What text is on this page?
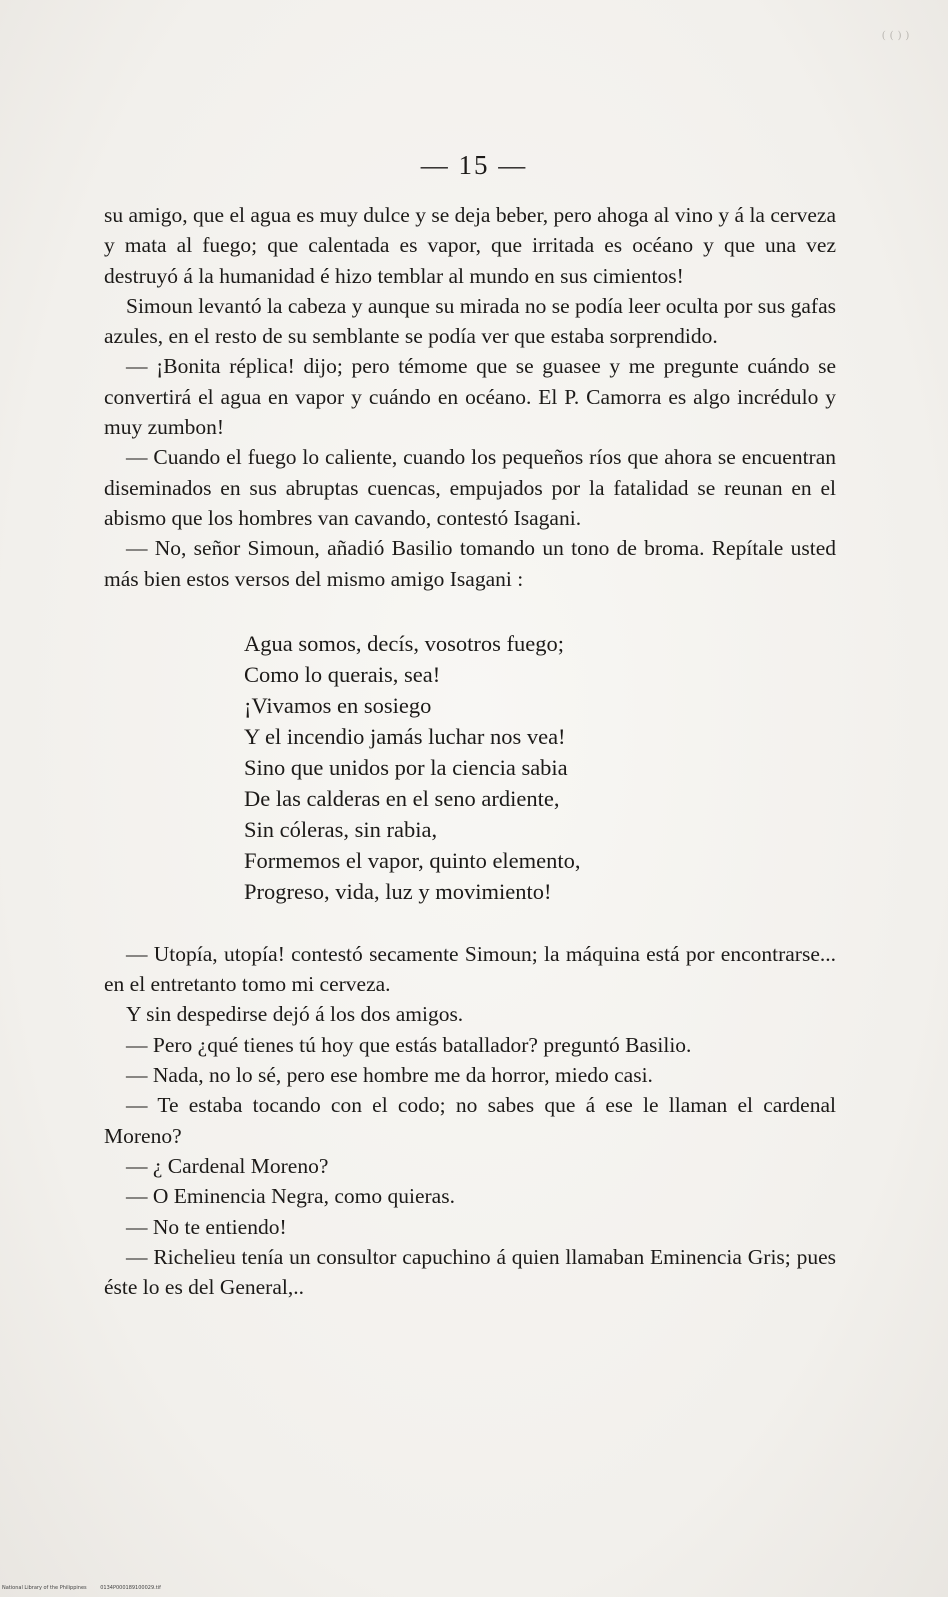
( ( ) )
— 15 —

su amigo, que el agua es muy dulce y se deja beber, pero ahoga al vino y á la cerveza y mata al fuego; que calentada es vapor, que irritada es océano y que una vez destruyó á la humanidad é hizo temblar al mundo en sus cimientos!

Simoun levantó la cabeza y aunque su mirada no se podía leer oculta por sus gafas azules, en el resto de su semblante se podía ver que estaba sorprendido.

— ¡Bonita réplica! dijo; pero témome que se guasee y me pregunte cuándo se convertirá el agua en vapor y cuándo en océano. El P. Camorra es algo incrédulo y muy zumbon!

— Cuando el fuego lo caliente, cuando los pequeños ríos que ahora se encuentran diseminados en sus abruptas cuencas, empujados por la fatalidad se reunan en el abismo que los hombres van cavando, contestó Isagani.

— No, señor Simoun, añadió Basilio tomando un tono de broma. Repítale usted más bien estos versos del mismo amigo Isagani :

Agua somos, decís, vosotros fuego;
Como lo querais, sea!
¡Vivamos en sosiego
Y el incendio jamás luchar nos vea!
Sino que unidos por la ciencia sabia
De las calderas en el seno ardiente,
Sin cóleras, sin rabia,
Formemos el vapor, quinto elemento,
Progreso, vida, luz y movimiento!

— Utopía, utopía! contestó secamente Simoun; la máquina está por encontrarse... en el entretanto tomo mi cerveza.

Y sin despedirse dejó á los dos amigos.

— Pero ¿qué tienes tú hoy que estás batallador? preguntó Basilio.

— Nada, no lo sé, pero ese hombre me da horror, miedo casi.

— Te estaba tocando con el codo; no sabes que á ese le llaman el cardenal Moreno?

— ¿ Cardenal Moreno?

— O Eminencia Negra, como quieras.

— No te entiendo!

— Richelieu tenía un consultor capuchino á quien llamaban Eminencia Gris; pues éste lo es del General,..

National Library of the Philippines	0134P000189100029.tif
